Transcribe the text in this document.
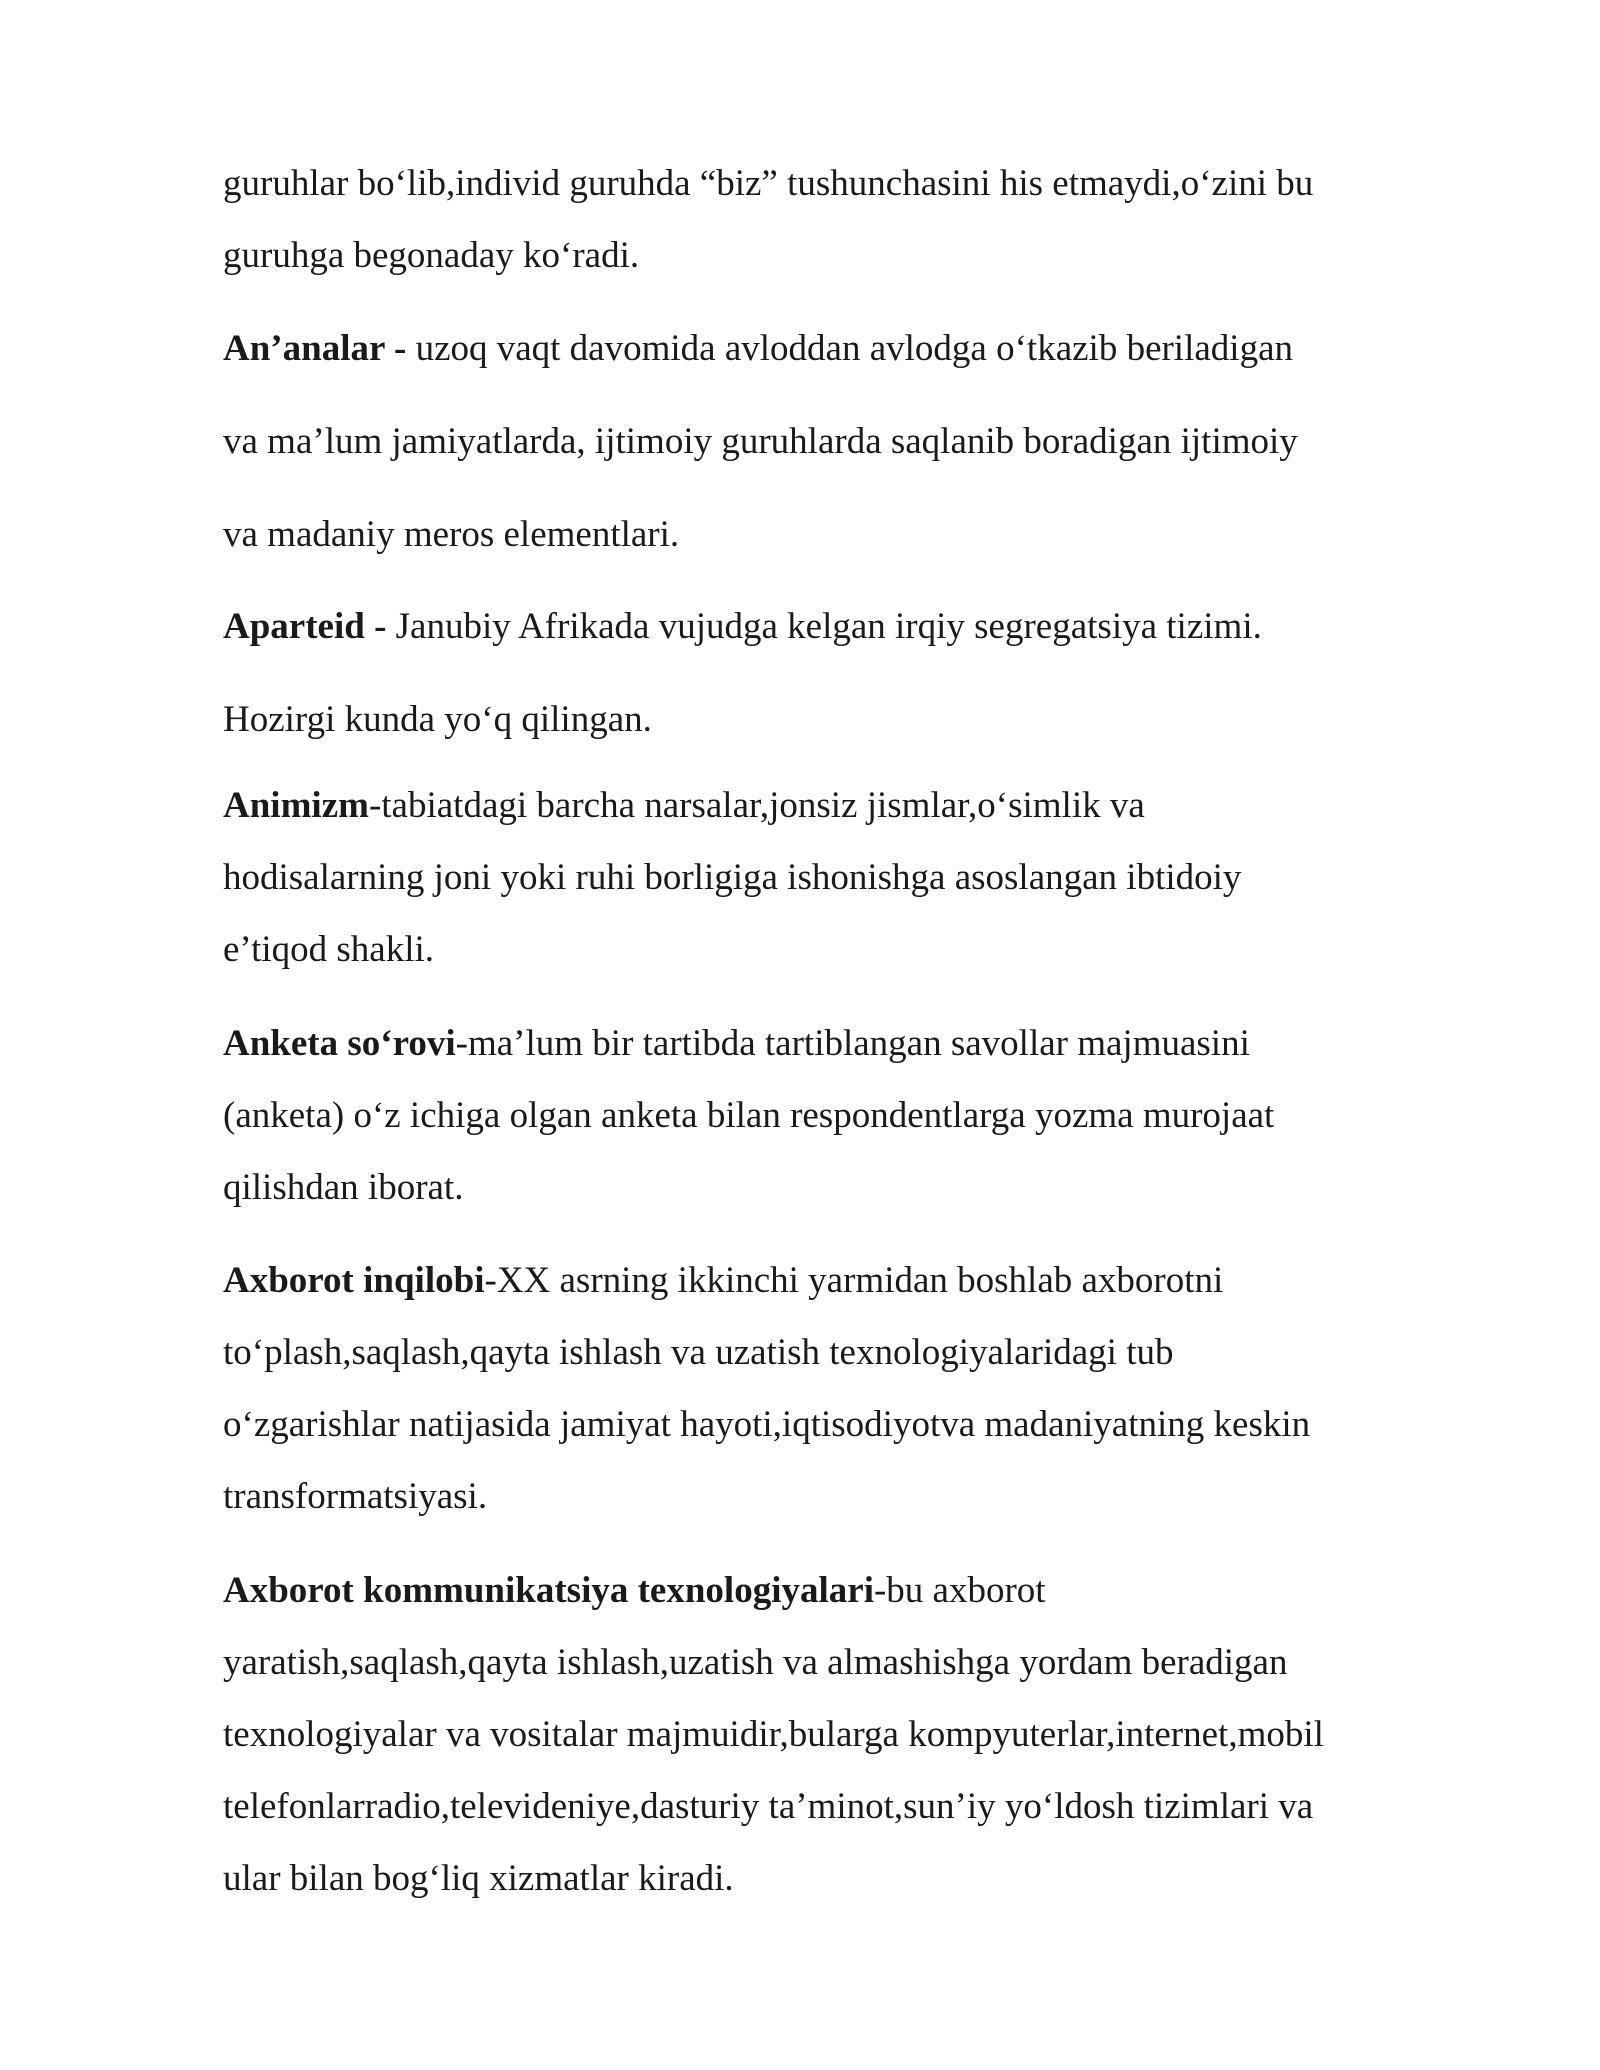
guruhlar bo‘lib,individ guruhda “biz” tushunchasini his etmaydi,o‘zini bu
guruhga begonaday ko‘radi.
An’analar - uzoq vaqt davomida avloddan avlodga o‘tkazib beriladigan
va ma’lum jamiyatlarda, ijtimoiy guruhlarda saqlanib boradigan ijtimoiy
va madaniy meros elementlari.
Aparteid - Janubiy Afrikada vujudga kelgan irqiy segregatsiya tizimi.
Hozirgi kunda yo‘q qilingan.
Animizm-tabiatdagi barcha narsalar,jonsiz jismlar,o‘simlik va
hodisalarning joni yoki ruhi borligiga ishonishga asoslangan ibtidoiy
e’tiqod shakli.
Anketa so‘rovi-ma’lum bir tartibda tartiblangan savollar majmuasini
(anketa) o‘z ichiga olgan anketa bilan respondentlarga yozma murojaat
qilishdan iborat.
Axborot inqilobi-XX asrning ikkinchi yarmidan boshlab axborotni
to‘plash,saqlash,qayta ishlash va uzatish texnologiyalaridagi tub
o‘zgarishlar natijasida jamiyat hayoti,iqtisodiyotva madaniyatning keskin
transformatsiyasi.
Axborot kommunikatsiya texnologiyalari-bu axborot
yaratish,saqlash,qayta ishlash,uzatish va almashishga yordam beradigan
texnologiyalar va vositalar majmuidir,bularga kompyuterlar,internet,mobil
telefonlarradio,televideniye,dasturiy ta’minot,sun’iy yo‘ldosh tizimlari va
ular bilan bog‘liq xizmatlar kiradi.
